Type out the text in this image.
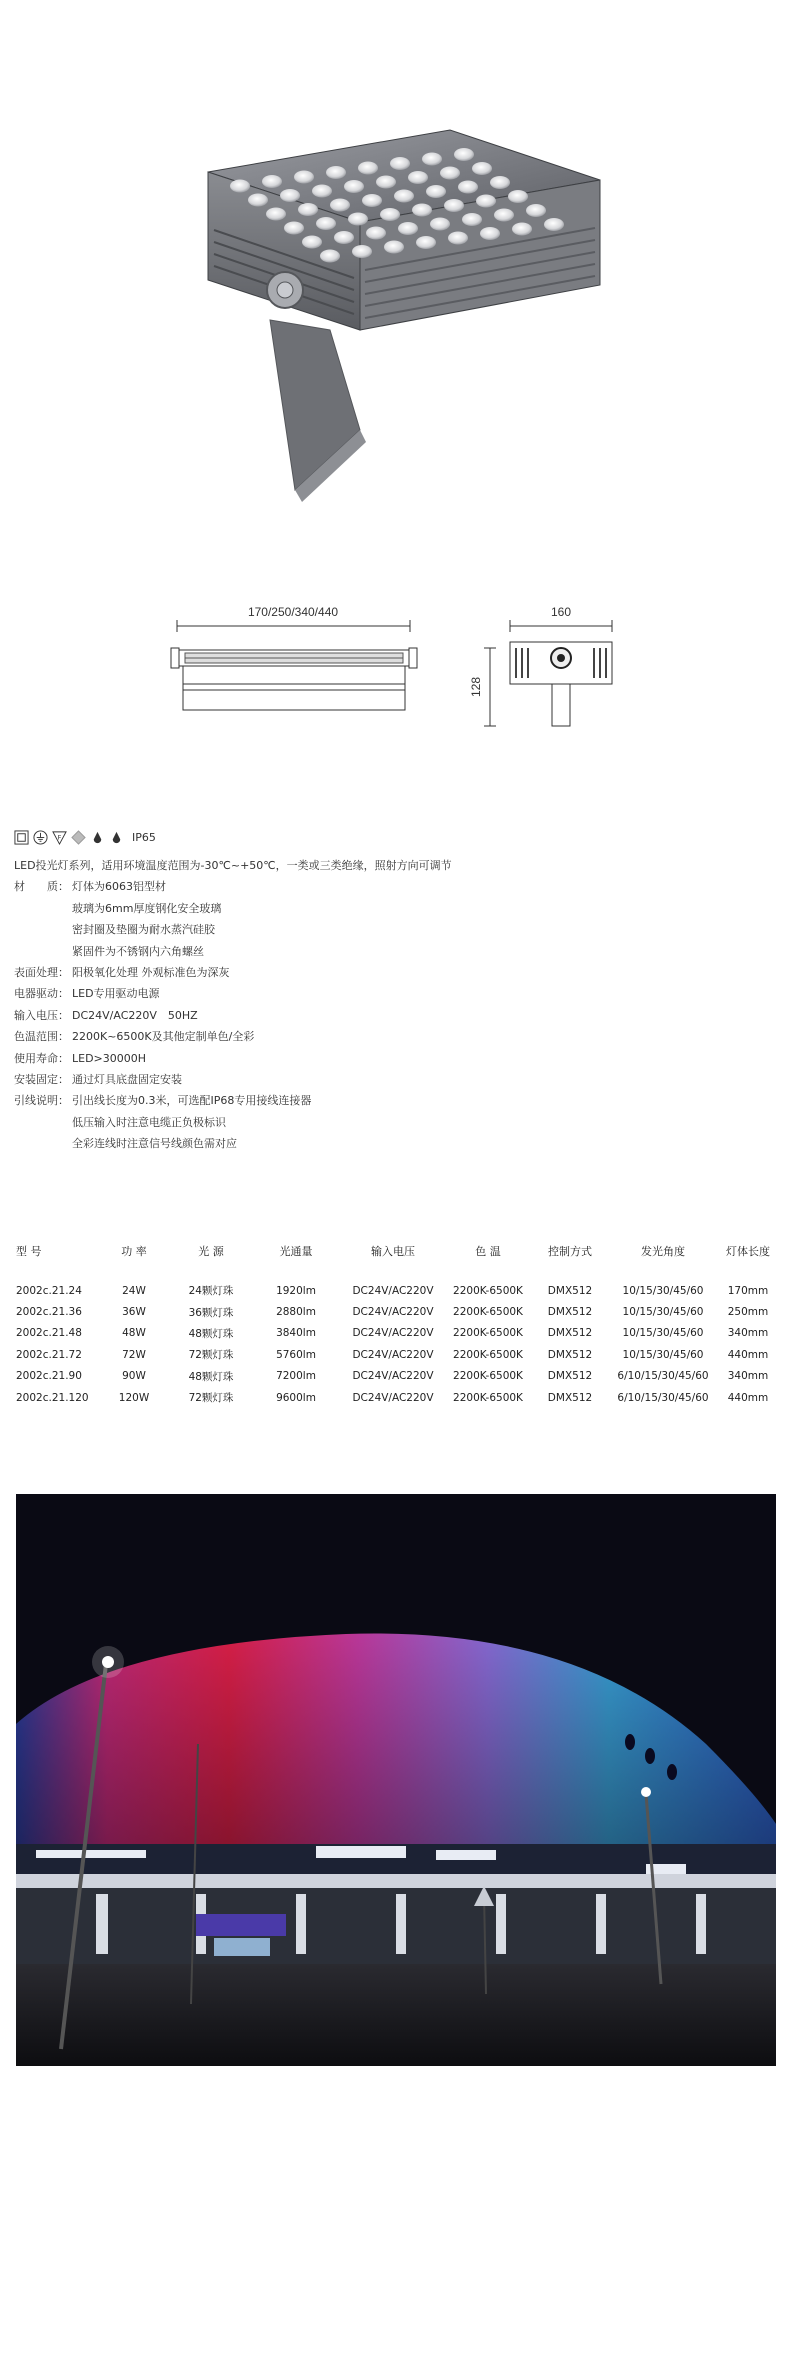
170/250/340/440	160
128
F	IP65
LED投光灯系列，适用环境温度范围为-30℃~+50℃，一类或三类绝缘，照射方向可调节
材　　质： 灯体为6063铝型材
玻璃为6mm厚度钢化安全玻璃
密封圈及垫圈为耐水蒸汽硅胶
紧固件为不锈钢内六角螺丝
表面处理： 阳极氧化处理 外观标准色为深灰
电器驱动： LED专用驱动电源
输入电压： DC24V/AC220V　50HZ
色温范围： 2200K~6500K及其他定制单色/全彩
使用寿命： LED>30000H
安装固定： 通过灯具底盘固定安装
引线说明： 引出线长度为0.3米，可选配IP68专用接线连接器
低压输入时注意电缆正负极标识
全彩连线时注意信号线颜色需对应
型 号	功 率	光 源	光通量	输入电压	色 温	控制方式	发光角度	灯体长度
2002c.21.24	24W	24颗灯珠	1920lm	DC24V/AC220V	2200K-6500K	DMX512	10/15/30/45/60	170mm
2002c.21.36	36W	36颗灯珠	2880lm	DC24V/AC220V	2200K-6500K	DMX512	10/15/30/45/60	250mm
2002c.21.48	48W	48颗灯珠	3840lm	DC24V/AC220V	2200K-6500K	DMX512	10/15/30/45/60	340mm
2002c.21.72	72W	72颗灯珠	5760lm	DC24V/AC220V	2200K-6500K	DMX512	10/15/30/45/60	440mm
2002c.21.90	90W	48颗灯珠	7200lm	DC24V/AC220V	2200K-6500K	DMX512	6/10/15/30/45/60	340mm
2002c.21.120	120W	72颗灯珠	9600lm	DC24V/AC220V	2200K-6500K	DMX512	6/10/15/30/45/60	440mm
